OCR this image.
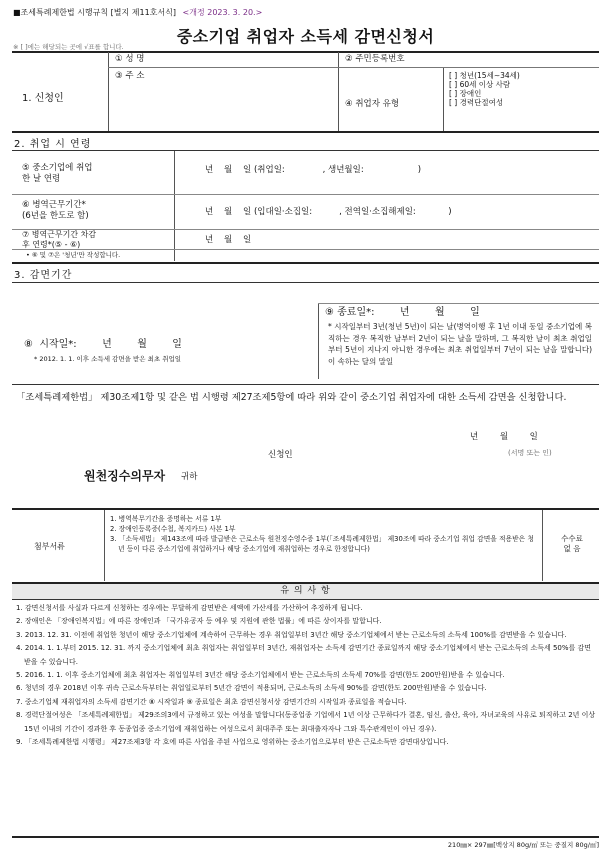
■조세특례제한법 시행규칙 [별지 제11호서식] <개정 2023. 3. 20.>
중소기업 취업자 소득세 감면신청서
※ [ ]에는 해당되는 곳에 √표를 합니다.
1. 신청인
① 성 명
③ 주 소
② 주민등록번호
④ 취업자 유형
[ ] 청년(15세∼34세)
[ ] 60세 이상 사람
[ ] 장애인
[ ] 경력단절여성
2. 취업 시 연령
⑤ 중소기업에 취업
한 날 연령
년    월    일 (취업일:              , 생년월일:                    )
⑥ 병역근무기간*
(6년을 한도로 함)	년    월    일 (입대일·소집일:          , 전역일·소집해제일:            )
⑦ 병역근무기간 차감
후 연령*(⑤ - ⑥)	년    월    일
• ⑥ 및 ⑦은 '청년'만 작성합니다.
3. 감면기간
⑧  시작일*:        년        월        일
* 2012. 1. 1. 이후 소득세 감면을 받은 최초 취업일
⑨ 종료일*:        년        월        일
* 시작일부터 3년(청년 5년)이 되는 날(병역이행 후 1년 이내 동일 중소기업에 복직하는 경우 복직한 날부터 2년이 되는 날을 말하며, 그 복직한 날이 최초 취업일부터 5년이 지나지 아니한 경우에는 최초 취업일부터 7년이 되는 날을 말합니다)이 속하는 달의 말일
「조세특례제한법」 제30조제1항 및 같은 법 시행령 제27조제5항에 따라 위와 같이 중소기업 취업자에 대한 소득세 감면을 신청합니다.
년        월        일
신청인	(서명 또는 인)
원천징수의무자 귀하
첨부서류
1. 병역복무기간을 증명하는 서류 1부
2. 장애인등록증(수첩, 복지카드) 사본 1부
3. 「소득세법」 제143조에 따라 발급받은 근로소득 원천징수영수증 1부(「조세특례제한법」 제30조에 따라 중소기업 취업 감면을 적용받은 청년 등이 다른 중소기업에 취업하거나 해당 중소기업에 재취업하는 경우로 한정합니다)
수수료
없 음
유 의 사 항

1. 감면신청서를 사실과 다르게 신청하는 경우에는 무달하게 감면받은 세액에 가산세를 가산하여 추징하게 됩니다.

2. 장애인은 「장애인복지법」에 따른 장애인과 「국가유공자 등 예우 및 지원에 관한 법률」에 따른 상이자를 말합니다.

3. 2013. 12. 31. 이전에 취업한 청년이 해당 중소기업체에 계속하여 근무하는 경우 취업일부터 3년간 해당 중소기업체에서 받는 근로소득의 소득세 100%를 감면받을 수 있습니다.

4. 2014. 1. 1.부터 2015. 12. 31. 까지 중소기업체에 최초 취업자는 취업일부터 3년간, 재취업자는 소득세 감면기간 종료일까지 해당 중소기업체에서 받는 근로소득의 소득세 50%를 감면받을 수 있습니다.

5. 2016. 1. 1. 이후 중소기업체에 최초 취업자는 취업일부터 3년간 해당 중소기업체에서 받는 근로소득의 소득세 70%를 감면(한도 200만원)받을 수 있습니다.

6. 청년의 경우 2018년 이후 귀속 근로소득부터는 취업일로부터 5년간 감면이 적용되며, 근로소득의 소득세 90%를 감면(한도 200만원)받을 수 있습니다.

7. 중소기업체 재취업자의 소득세 감면기간 ⑧ 시작일과 ⑨ 종료일은 최초 감면신청서상 감면기간의 시작일과 종료일을 적습니다.

8. 경력단절여성은 「조세특례제한법」 제29조의3에서 규정하고 있는 여성을 말합니다(동종업종 기업에서 1년 이상 근무하다가 결혼, 임신, 출산, 육아, 자녀교육의 사유로 퇴직하고 2년 이상 15년 이내의 기간이 경과한 후 동종업종 중소기업에 재취업하는 여성으로서 최대주주 또는 최대출자자나 그와 특수관계인이 아닌 경우).

9. 「조세특례제한법 시행령」 제27조제3항 각 호에 따른 사업을 주된 사업으로 영위하는 중소기업으로부터 받은 근로소득만 감면대상입니다.

210㎜× 297㎜[백상지 80g/㎡ 또는 중질지 80g/㎡]
